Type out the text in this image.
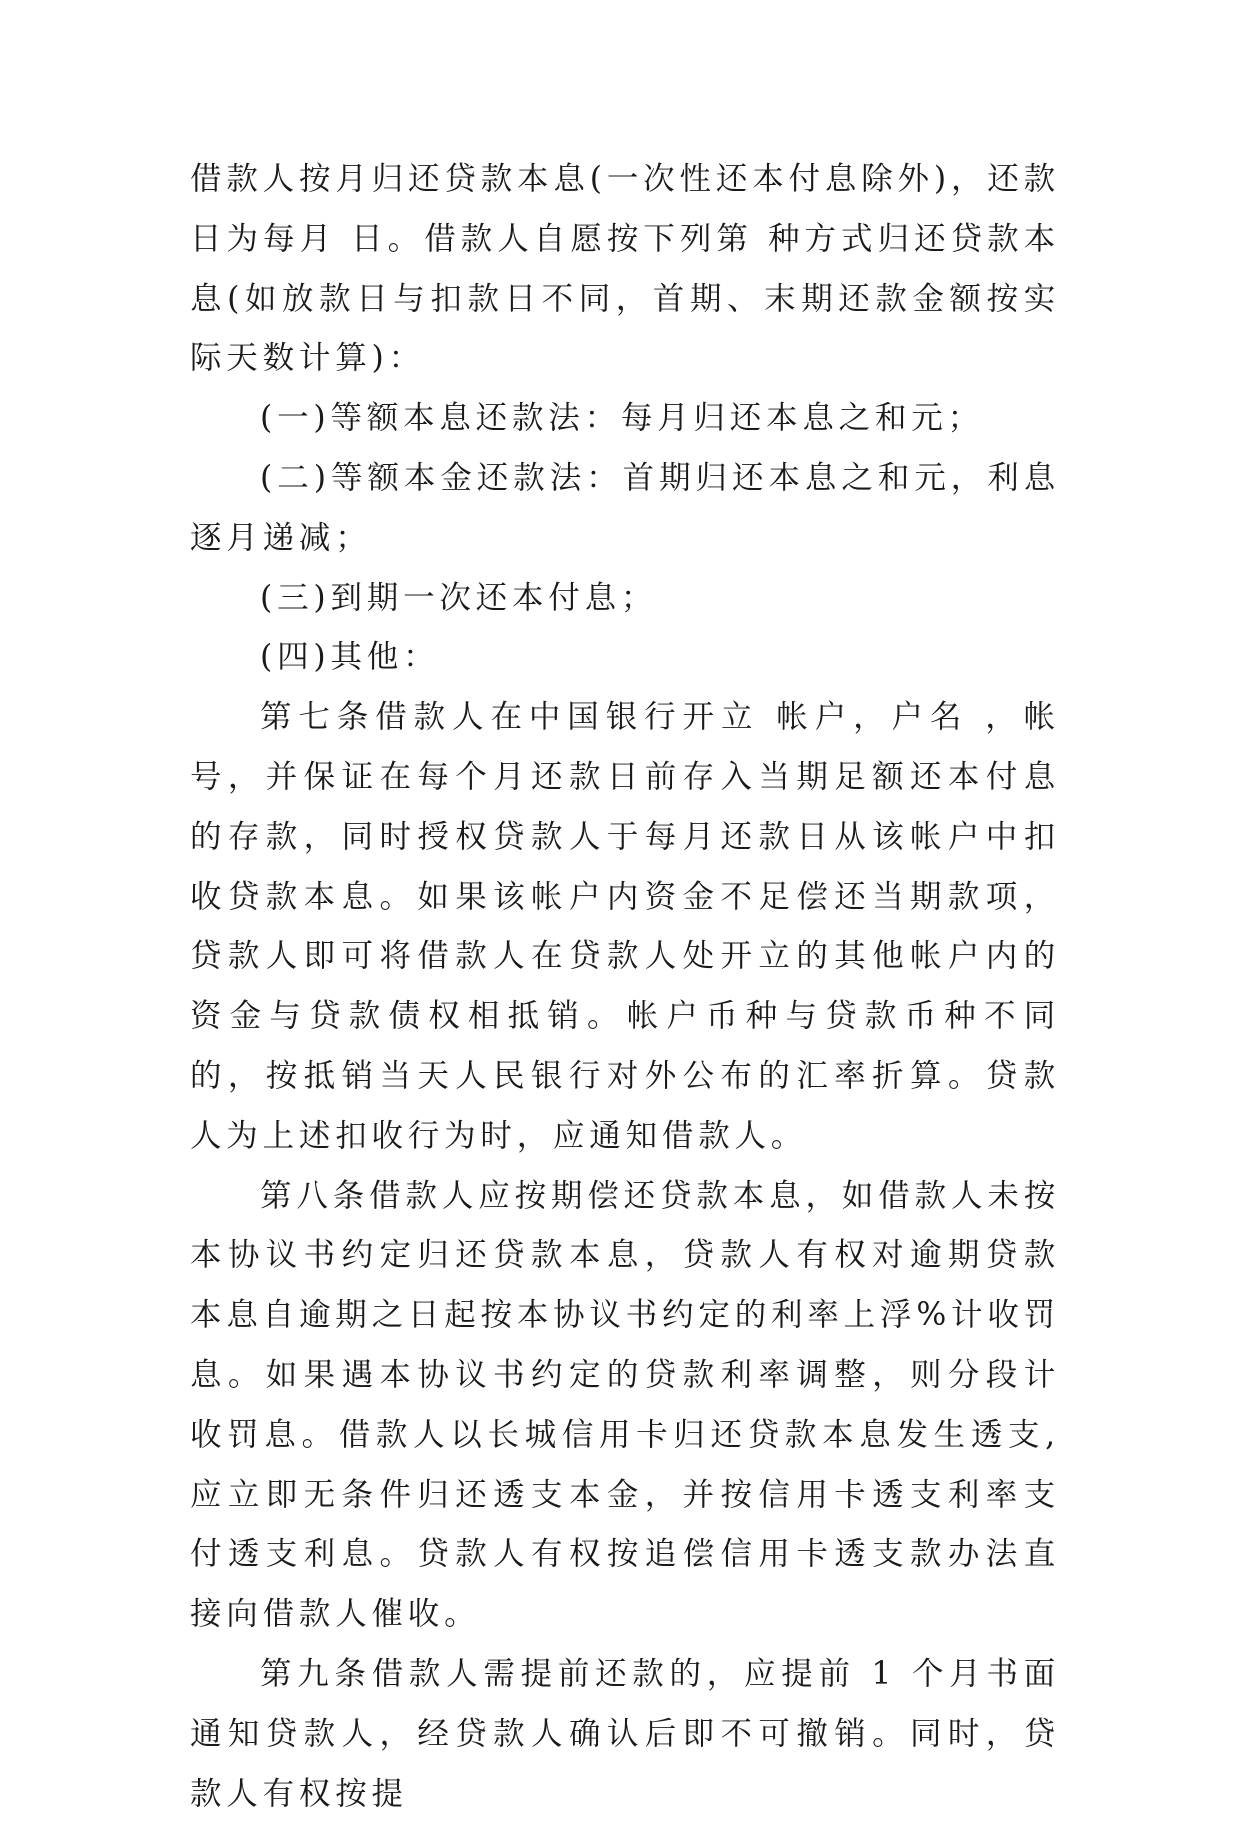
借款人按月归还贷款本息(一次性还本付息除外)，还款日为每月 日。借款人自愿按下列第 种方式归还贷款本息(如放款日与扣款日不同，首期、末期还款金额按实际天数计算)：

(一)等额本息还款法：每月归还本息之和元；

(二)等额本金还款法：首期归还本息之和元，利息逐月递减；

(三)到期一次还本付息；

(四)其他：

第七条借款人在中国银行开立 帐户，户名 ，帐号，并保证在每个月还款日前存入当期足额还本付息的存款，同时授权贷款人于每月还款日从该帐户中扣收贷款本息。如果该帐户内资金不足偿还当期款项，贷款人即可将借款人在贷款人处开立的其他帐户内的资金与贷款债权相抵销。帐户币种与贷款币种不同的，按抵销当天人民银行对外公布的汇率折算。贷款人为上述扣收行为时，应通知借款人。

第八条借款人应按期偿还贷款本息，如借款人未按本协议书约定归还贷款本息，贷款人有权对逾期贷款本息自逾期之日起按本协议书约定的利率上浮%计收罚息。如果遇本协议书约定的贷款利率调整，则分段计收罚息。借款人以长城信用卡归还贷款本息发生透支,应立即无条件归还透支本金，并按信用卡透支利率支付透支利息。贷款人有权按追偿信用卡透支款办法直接向借款人催收。

第九条借款人需提前还款的，应提前 1 个月书面通知贷款人，经贷款人确认后即不可撤销。同时，贷款人有权按提
